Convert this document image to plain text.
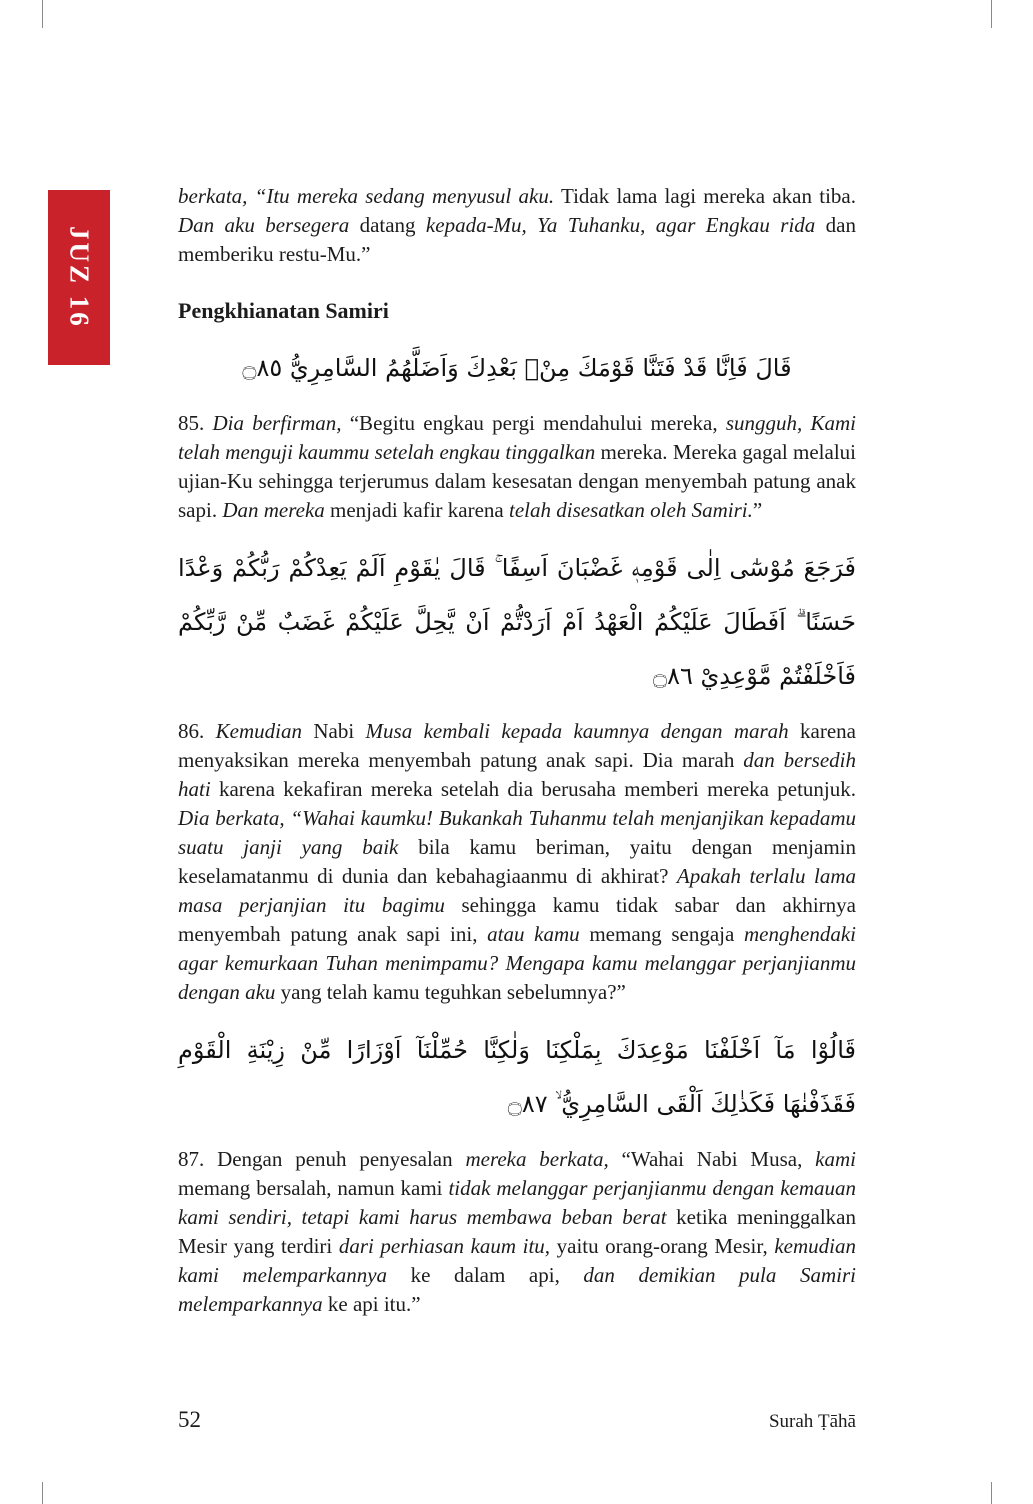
JUZ 16

berkata, “Itu mereka sedang menyusul aku. Tidak lama lagi mereka akan tiba. Dan aku bersegera datang kepada-Mu, Ya Tuhanku, agar Engkau rida dan memberiku restu-Mu.”

Pengkhianatan Samiri

قَالَ فَاِنَّا قَدْ فَتَنَّا قَوْمَكَ مِنْۢ بَعْدِكَ وَاَضَلَّهُمُ السَّامِرِيُّ ۝٨٥

85. Dia berfirman, “Begitu engkau pergi mendahului mereka, sungguh, Kami telah menguji kaummu setelah engkau tinggalkan mereka. Mereka gagal melalui ujian-Ku sehingga terjerumus dalam kesesatan dengan menyembah patung anak sapi. Dan mereka menjadi kafir karena telah disesatkan oleh Samiri.”

فَرَجَعَ مُوْسٰٓى اِلٰى قَوْمِهٖ غَضْبَانَ اَسِفًا ۚ قَالَ يٰقَوْمِ اَلَمْ يَعِدْكُمْ رَبُّكُمْ وَعْدًا حَسَنًا ۗ اَفَطَالَ عَلَيْكُمُ الْعَهْدُ اَمْ اَرَدْتُّمْ اَنْ يَّحِلَّ عَلَيْكُمْ غَضَبٌ مِّنْ رَّبِّكُمْ فَاَخْلَفْتُمْ مَّوْعِدِيْ ۝٨٦

86. Kemudian Nabi Musa kembali kepada kaumnya dengan marah karena menyaksikan mereka menyembah patung anak sapi. Dia marah dan bersedih hati karena kekafiran mereka setelah dia berusaha memberi mereka petunjuk. Dia berkata, “Wahai kaumku! Bukankah Tuhanmu telah menjanjikan kepadamu suatu janji yang baik bila kamu beriman, yaitu dengan menjamin keselamatanmu di dunia dan kebahagiaanmu di akhirat? Apakah terlalu lama masa perjanjian itu bagimu sehingga kamu tidak sabar dan akhirnya menyembah patung anak sapi ini, atau kamu memang sengaja menghendaki agar kemurkaan Tuhan menimpamu? Mengapa kamu melanggar perjanjianmu dengan aku yang telah kamu teguhkan sebelumnya?”

قَالُوْا مَآ اَخْلَفْنَا مَوْعِدَكَ بِمَلْكِنَا وَلٰكِنَّا حُمِّلْنَآ اَوْزَارًا مِّنْ زِيْنَةِ الْقَوْمِ فَقَذَفْنٰهَا فَكَذٰلِكَ اَلْقَى السَّامِرِيُّ ۙ ۝٨٧

87. Dengan penuh penyesalan mereka berkata, “Wahai Nabi Musa, kami memang bersalah, namun kami tidak melanggar perjanjianmu dengan kemauan kami sendiri, tetapi kami harus membawa beban berat ketika meninggalkan Mesir yang terdiri dari perhiasan kaum itu, yaitu orang-orang Mesir, kemudian kami melemparkannya ke dalam api, dan demikian pula Samiri melemparkannya ke api itu.”

52	Surah Ṭāhā
